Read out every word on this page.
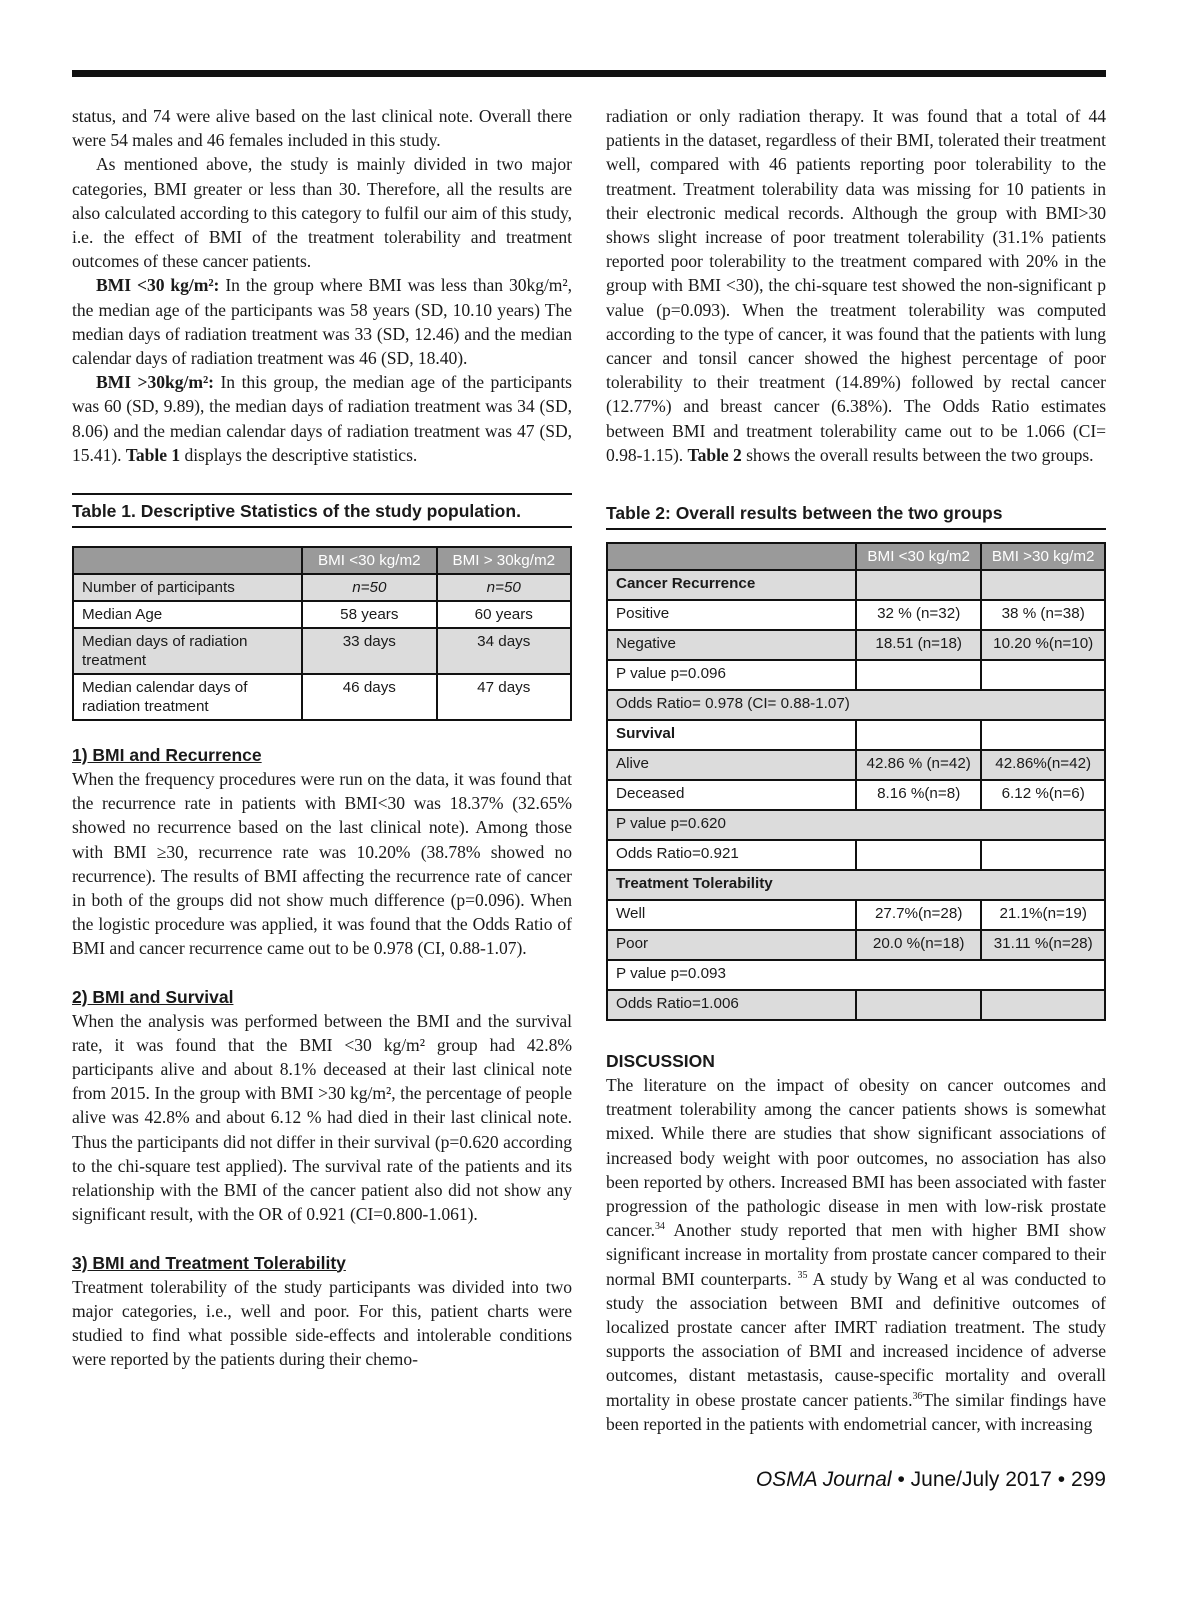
status, and 74 were alive based on the last clinical note. Overall there were 54 males and 46 females included in this study.

As mentioned above, the study is mainly divided in two major categories, BMI greater or less than 30. Therefore, all the results are also calculated according to this category to fulfil our aim of this study, i.e. the effect of BMI of the treatment tolerability and treatment outcomes of these cancer patients.

BMI <30 kg/m²: In the group where BMI was less than 30kg/m², the median age of the participants was 58 years (SD, 10.10 years) The median days of radiation treatment was 33 (SD, 12.46) and the median calendar days of radiation treatment was 46 (SD, 18.40).

BMI >30kg/m²: In this group, the median age of the participants was 60 (SD, 9.89), the median days of radiation treatment was 34 (SD, 8.06) and the median calendar days of radiation treatment was 47 (SD, 15.41). Table 1 displays the descriptive statistics.

Table 1. Descriptive Statistics of the study population.
	BMI <30 kg/m2	BMI > 30kg/m2
Number of participants	n=50	n=50
Median Age	58 years	60 years
Median days of radiation treatment	33 days	34 days
Median calendar days of radiation treatment	46 days	47 days
1) BMI and Recurrence

When the frequency procedures were run on the data, it was found that the recurrence rate in patients with BMI<30 was 18.37% (32.65% showed no recurrence based on the last clinical note). Among those with BMI ≥30, recurrence rate was 10.20% (38.78% showed no recurrence). The results of BMI affecting the recurrence rate of cancer in both of the groups did not show much difference (p=0.096). When the logistic procedure was applied, it was found that the Odds Ratio of BMI and cancer recurrence came out to be 0.978 (CI, 0.88-1.07).

2) BMI and Survival

When the analysis was performed between the BMI and the survival rate, it was found that the BMI <30 kg/m² group had 42.8% participants alive and about 8.1% deceased at their last clinical note from 2015. In the group with BMI >30 kg/m², the percentage of people alive was 42.8% and about 6.12 % had died in their last clinical note. Thus the participants did not differ in their survival (p=0.620 according to the chi-square test applied). The survival rate of the patients and its relationship with the BMI of the cancer patient also did not show any significant result, with the OR of 0.921 (CI=0.800-1.061).

3) BMI and Treatment Tolerability

Treatment tolerability of the study participants was divided into two major categories, i.e., well and poor. For this, patient charts were studied to find what possible side-effects and intolerable conditions were reported by the patients during their chemo-

radiation or only radiation therapy. It was found that a total of 44 patients in the dataset, regardless of their BMI, tolerated their treatment well, compared with 46 patients reporting poor tolerability to the treatment. Treatment tolerability data was missing for 10 patients in their electronic medical records. Although the group with BMI>30 shows slight increase of poor treatment tolerability (31.1% patients reported poor tolerability to the treatment compared with 20% in the group with BMI <30), the chi-square test showed the non-significant p value (p=0.093). When the treatment tolerability was computed according to the type of cancer, it was found that the patients with lung cancer and tonsil cancer showed the highest percentage of poor tolerability to their treatment (14.89%) followed by rectal cancer (12.77%) and breast cancer (6.38%). The Odds Ratio estimates between BMI and treatment tolerability came out to be 1.066 (CI= 0.98-1.15). Table 2 shows the overall results between the two groups.

Table 2: Overall results between the two groups
	BMI <30 kg/m2	BMI >30 kg/m2
Cancer Recurrence		
Positive	32 % (n=32)	38 % (n=38)
Negative	18.51 (n=18)	10.20 %(n=10)
P value p=0.096		
Odds Ratio= 0.978 (CI= 0.88-1.07)		
Survival		
Alive	42.86 % (n=42)	42.86%(n=42)
Deceased	8.16 %(n=8)	6.12 %(n=6)
P value p=0.620		
Odds Ratio=0.921		
Treatment Tolerability		
Well	27.7%(n=28)	21.1%(n=19)
Poor	20.0 %(n=18)	31.11 %(n=28)
P value p=0.093		
Odds Ratio=1.006		
DISCUSSION

The literature on the impact of obesity on cancer outcomes and treatment tolerability among the cancer patients shows is somewhat mixed. While there are studies that show significant associations of increased body weight with poor outcomes, no association has also been reported by others. Increased BMI has been associated with faster progression of the pathologic disease in men with low-risk prostate cancer.$^{34}$ Another study reported that men with higher BMI show significant increase in mortality from prostate cancer compared to their normal BMI counterparts. $^{35}$ A study by Wang et al was conducted to study the association between BMI and definitive outcomes of localized prostate cancer after IMRT radiation treatment. The study supports the association of BMI and increased incidence of adverse outcomes, distant metastasis, cause-specific mortality and overall mortality in obese prostate cancer patients.$^{36}$The similar findings have been reported in the patients with endometrial cancer, with increasing

OSMA Journal • June/July 2017 • 299
